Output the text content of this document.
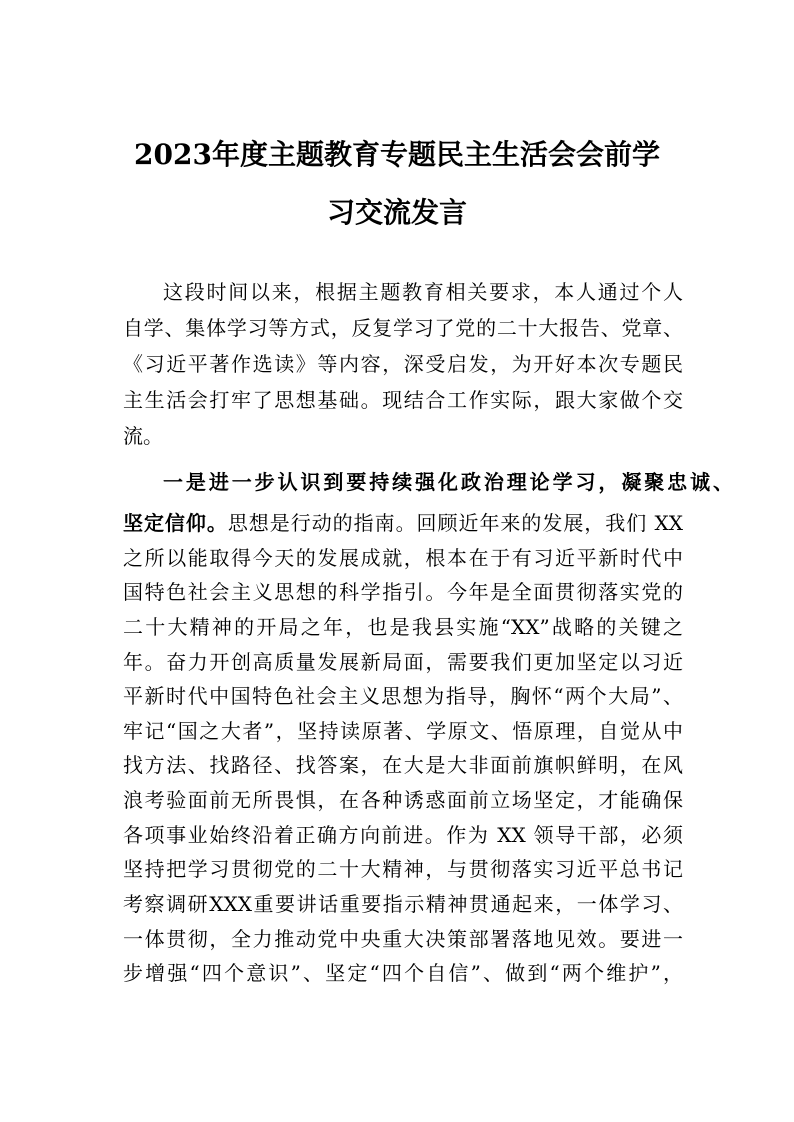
2023年度主题教育专题民主生活会会前学
习交流发言
这段时间以来，根据主题教育相关要求，本人通过个人
自学、集体学习等方式，反复学习了党的二十大报告、党章、
《习近平著作选读》等内容，深受启发，为开好本次专题民
主生活会打牢了思想基础。现结合工作实际，跟大家做个交
流。
一是进一步认识到要持续强化政治理论学习，凝聚忠诚、
坚定信仰。思想是行动的指南。回顾近年来的发展，我们 XX
之所以能取得今天的发展成就，根本在于有习近平新时代中
国特色社会主义思想的科学指引。今年是全面贯彻落实党的
二十大精神的开局之年，也是我县实施“XX”战略的关键之
年。奋力开创高质量发展新局面，需要我们更加坚定以习近
平新时代中国特色社会主义思想为指导，胸怀“两个大局”、
牢记“国之大者”，坚持读原著、学原文、悟原理，自觉从中
找方法、找路径、找答案，在大是大非面前旗帜鲜明，在风
浪考验面前无所畏惧，在各种诱惑面前立场坚定，才能确保
各项事业始终沿着正确方向前进。作为 XX 领导干部，必须
坚持把学习贯彻党的二十大精神，与贯彻落实习近平总书记
考察调研XXX重要讲话重要指示精神贯通起来，一体学习、
一体贯彻，全力推动党中央重大决策部署落地见效。要进一
步增强“四个意识”、坚定“四个自信”、做到“两个维护”，
